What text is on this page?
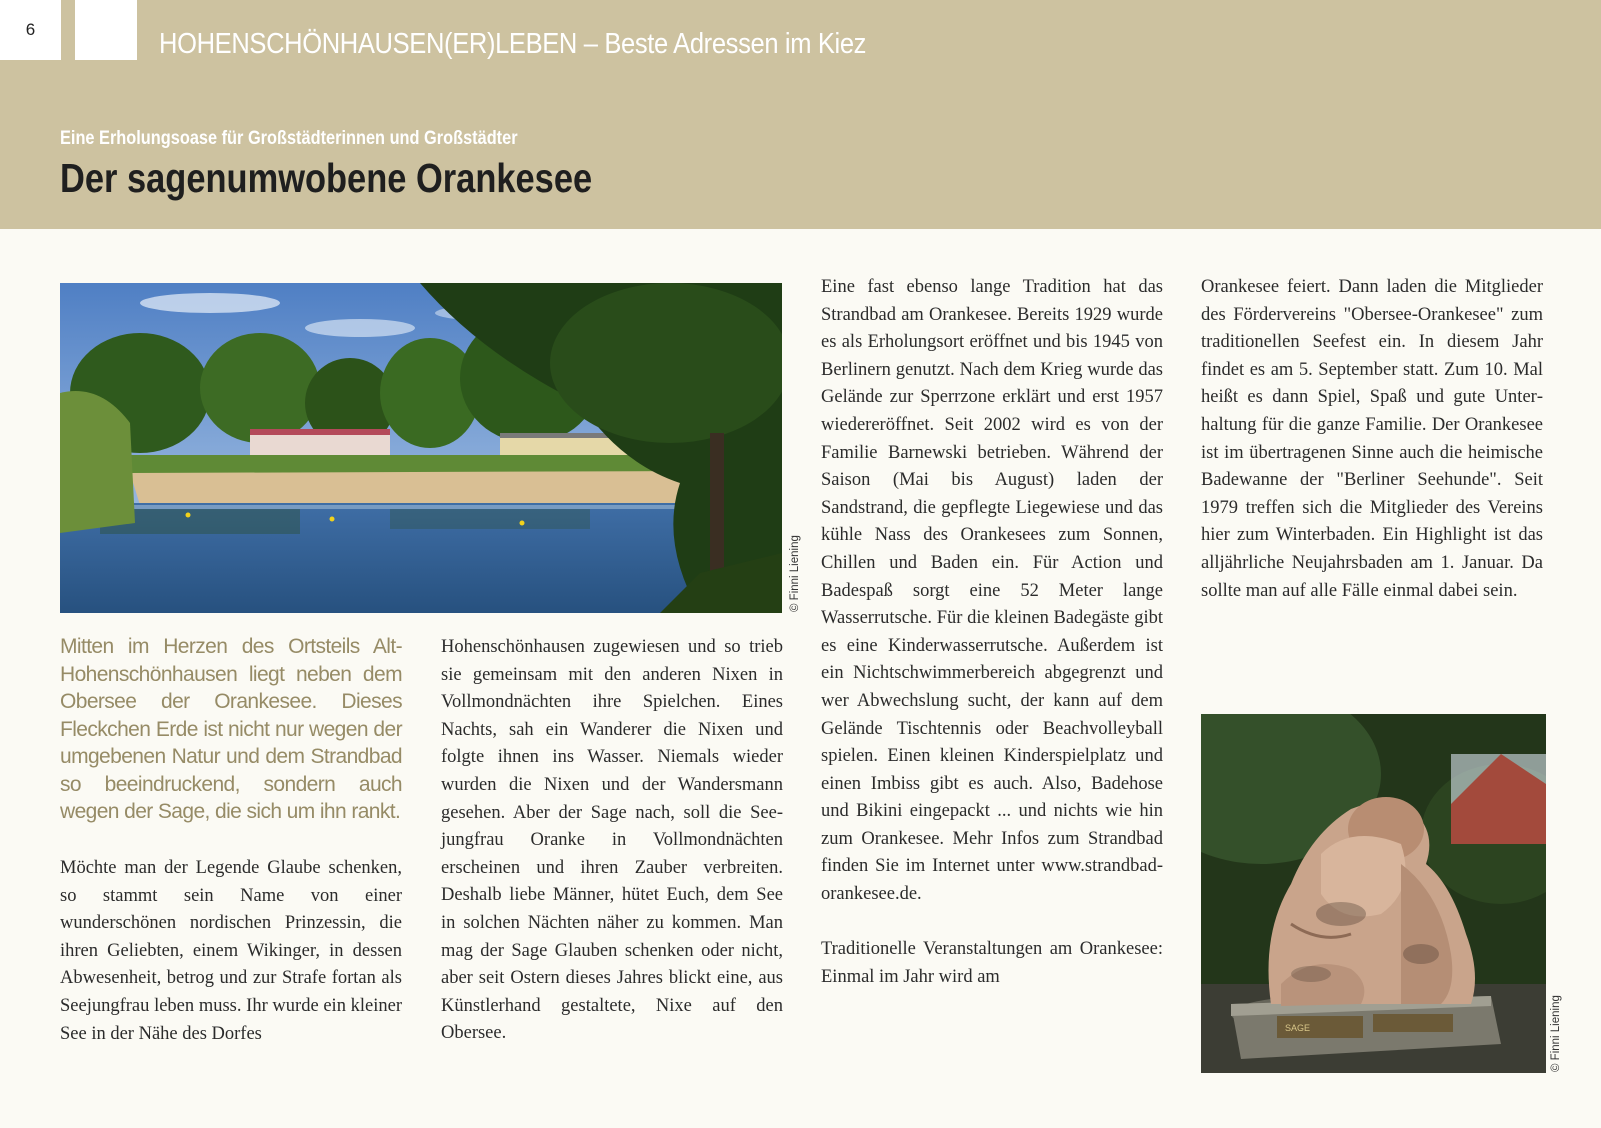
6	HOHENSCHÖNHAUSEN(ER)LEBEN – Beste Adressen im Kiez
Eine Erholungsoase für Großstädterinnen und Großstädter
Der sagenumwobene Orankesee
© Finni Liening
Mitten im Herzen des Ortsteils Alt-Hohenschönhausen liegt neben dem Obersee der Orankesee. Dieses Fleckchen Erde ist nicht nur wegen der umgebenen Natur und dem Strandbad so beeindruckend, sondern auch wegen der Sage, die sich um ihn rankt.

Möchte man der Legende Glaube schenken, so stammt sein Name von einer wunderschönen nordischen Prinzessin, die ihren Geliebten, einem Wikinger, in dessen Abwesenheit, betrog und zur Strafe fortan als Seejungfrau leben muss. Ihr wurde ein kleiner See in der Nähe des Dorfes

Hohenschönhausen zugewiesen und so trieb sie gemeinsam mit den anderen Nixen in Vollmondnächten ihre Spielchen. Eines Nachts, sah ein Wanderer die Nixen und folgte ihnen ins Wasser. Niemals wieder wurden die Nixen und der Wandersmann gesehen. Aber der Sage nach, soll die Seejungfrau Oranke in Vollmondnächten erscheinen und ihren Zauber verbreiten. Deshalb liebe Männer, hütet Euch, dem See in solchen Nächten näher zu kommen. Man mag der Sage Glauben schenken oder nicht, aber seit Ostern dieses Jahres blickt eine, aus Künstlerhand gestaltete, Nixe auf den Obersee.

Eine fast ebenso lange Tradition hat das Strandbad am Orankesee. Bereits 1929 wurde es als Erholungsort eröffnet und bis 1945 von Berlinern genutzt. Nach dem Krieg wurde das Gelände zur Sperrzone erklärt und erst 1957 wiedereröffnet. Seit 2002 wird es von der Familie Barnewski betrieben. Während der Saison (Mai bis August) laden der Sandstrand, die gepflegte Liegewiese und das kühle Nass des Orankesees zum Sonnen, Chillen und Baden ein. Für Action und Badespaß sorgt eine 52 Meter lange Wasserrutsche. Für die kleinen Badegäste gibt es eine Kinderwasserrutsche. Außerdem ist ein Nichtschwimmerbereich abgegrenzt und wer Abwechslung sucht, der kann auf dem Gelände Tischtennis oder Beachvolleyball spielen. Einen kleinen Kinderspielplatz und einen Imbiss gibt es auch. Also, Badehose und Bikini eingepackt ... und nichts wie hin zum Orankesee. Mehr Infos zum Strandbad finden Sie im Internet unter www.strandbad-orankesee.de.

Traditionelle Veranstaltungen am Orankesee: Einmal im Jahr wird am

Orankesee feiert. Dann laden die Mitglieder des Fördervereins "Obersee-Orankesee" zum traditionellen Seefest ein. In diesem Jahr findet es am 5. September statt. Zum 10. Mal heißt es dann Spiel, Spaß und gute Unterhaltung für die ganze Familie. Der Orankesee ist im übertragenen Sinne auch die heimische Badewanne der "Berliner Seehunde". Seit 1979 treffen sich die Mitglieder des Vereins hier zum Winterbaden. Ein Highlight ist das alljährliche Neujahrsbaden am 1. Januar. Da sollte man auf alle Fälle einmal dabei sein.

SAGE	© Finni Liening
